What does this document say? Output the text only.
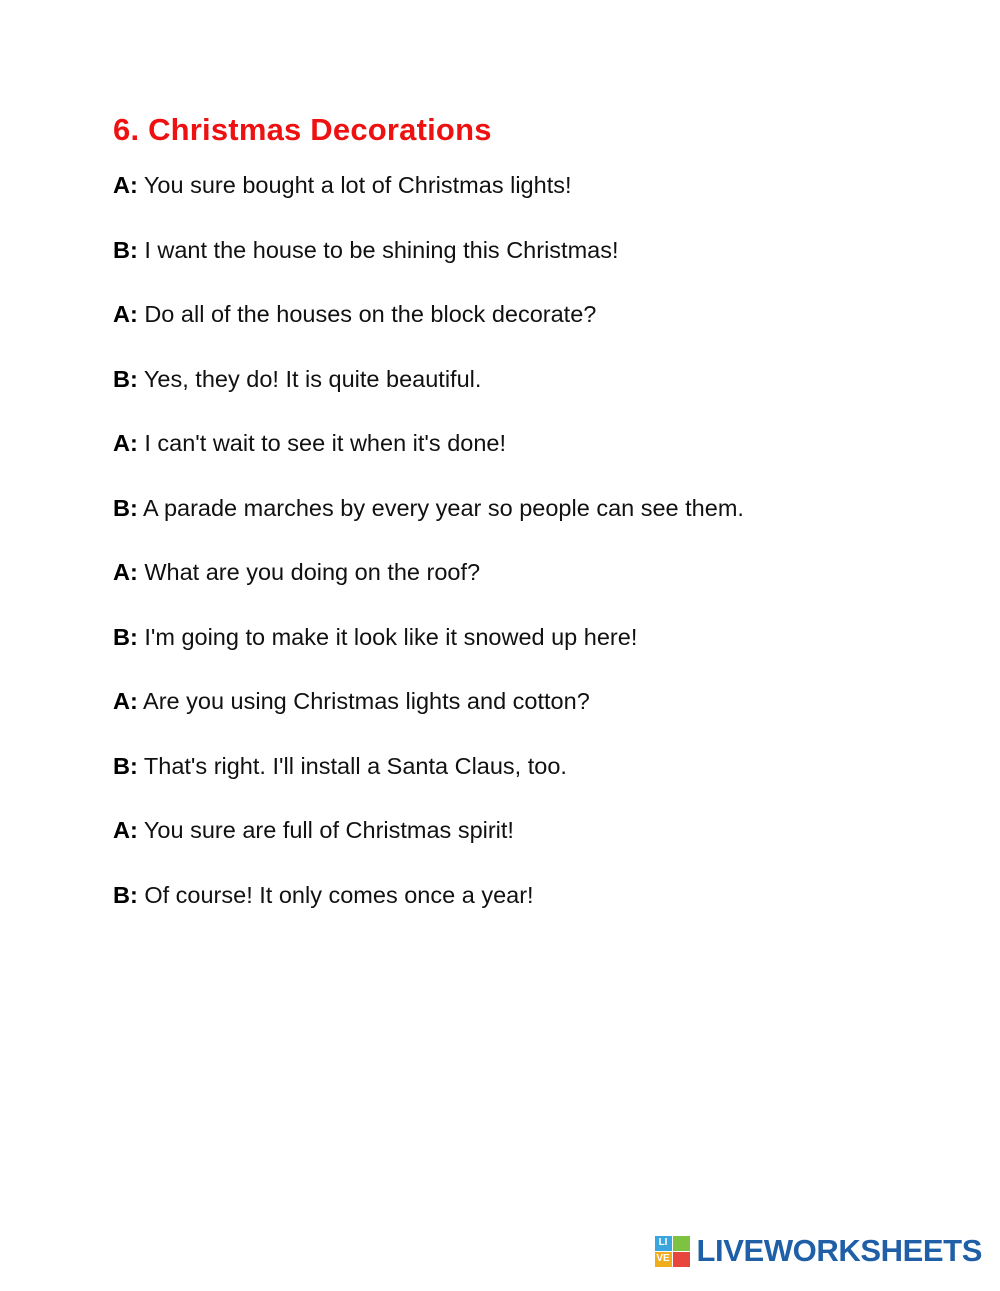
6. Christmas Decorations

A: You sure bought a lot of Christmas lights!

B: I want the house to be shining this Christmas!

A: Do all of the houses on the block decorate?

B: Yes, they do! It is quite beautiful.

A: I can't wait to see it when it's done!

B: A parade marches by every year so people can see them.

A: What are you doing on the roof?

B: I'm going to make it look like it snowed up here!

A: Are you using Christmas lights and cotton?

B: That's right. I'll install a Santa Claus, too.

A: You sure are full of Christmas spirit!

B: Of course! It only comes once a year!

LI
VE LIVEWORKSHEETS
